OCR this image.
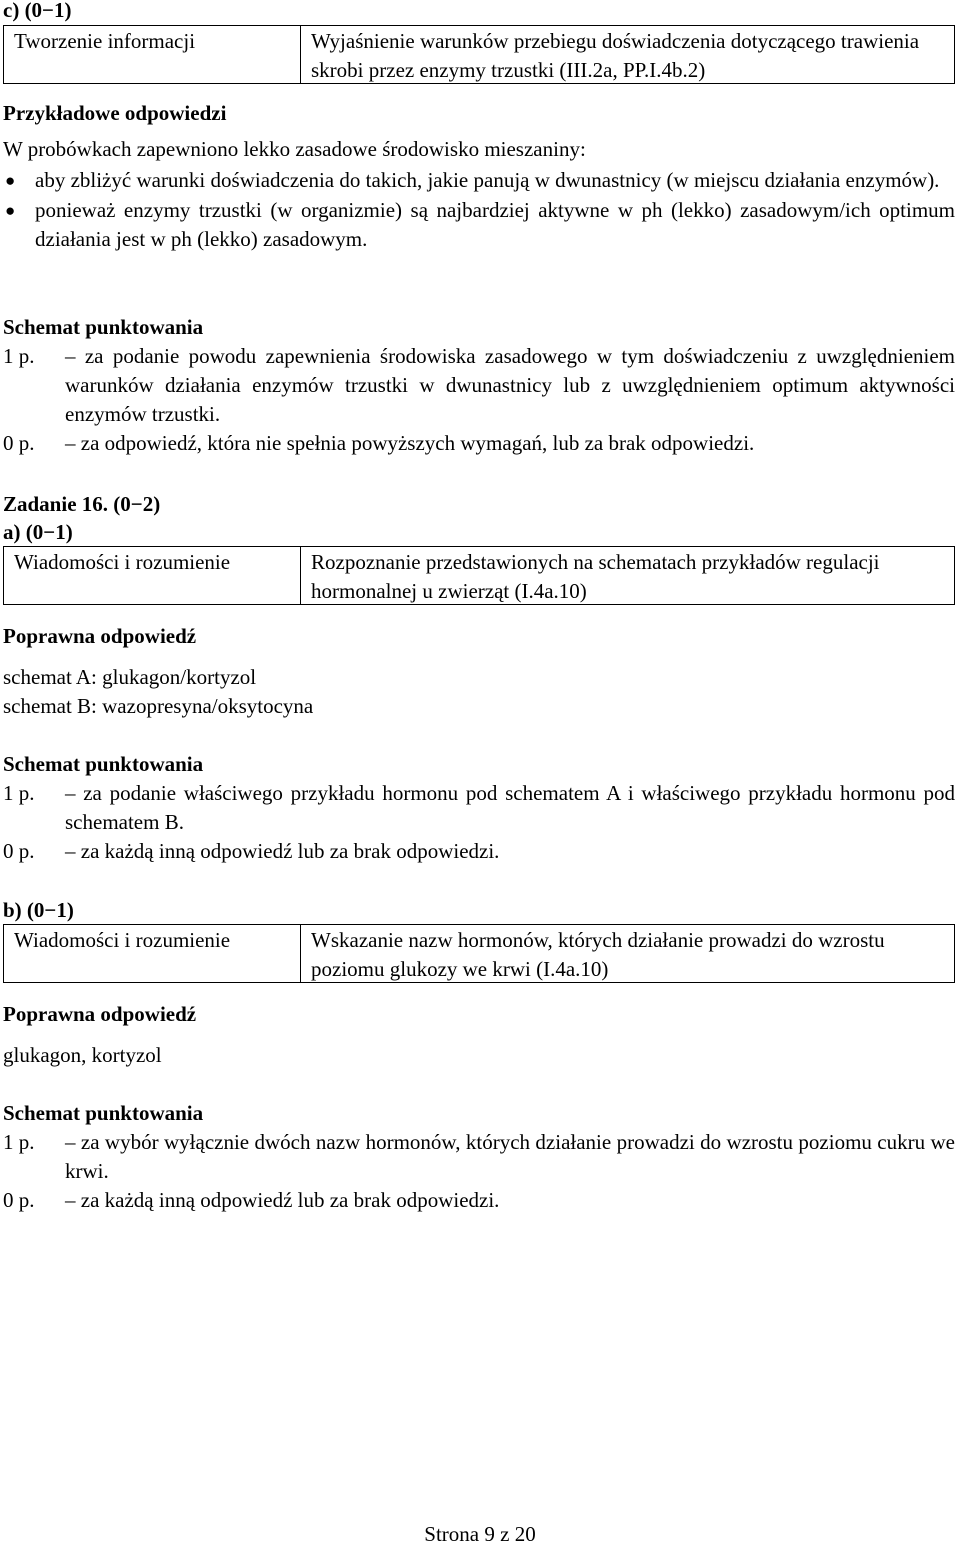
c) (0−1)
Tworzenie informacji	Wyjaśnienie warunków przebiegu doświadczenia dotyczącego trawienia skrobi przez enzymy trzustki (III.2a, PP.I.4b.2)
Przykładowe odpowiedzi
W probówkach zapewniono lekko zasadowe środowisko mieszaniny:
● aby zbliżyć warunki doświadczenia do takich, jakie panują w dwunastnicy (w miejscu działania enzymów).
● ponieważ enzymy trzustki (w organizmie) są najbardziej aktywne w ph (lekko) zasadowym/ich optimum działania jest w ph (lekko) zasadowym.
Schemat punktowania
1 p.	– za podanie powodu zapewnienia środowiska zasadowego w tym doświadczeniu z uwzględnieniem warunków działania enzymów trzustki w dwunastnicy lub z uwzględnieniem optimum aktywności enzymów trzustki.
0 p.	– za odpowiedź, która nie spełnia powyższych wymagań, lub za brak odpowiedzi.
Zadanie 16. (0−2)
a) (0−1)
Wiadomości i rozumienie	Rozpoznanie przedstawionych na schematach przykładów regulacji hormonalnej u zwierząt (I.4a.10)
Poprawna odpowiedź
schemat A: glukagon/kortyzol
schemat B: wazopresyna/oksytocyna
Schemat punktowania
1 p.	– za podanie właściwego przykładu hormonu pod schematem A i właściwego przykładu hormonu pod schematem B.
0 p.	– za każdą inną odpowiedź lub za brak odpowiedzi.
b) (0−1)
Wiadomości i rozumienie	Wskazanie nazw hormonów, których działanie prowadzi do wzrostu poziomu glukozy we krwi (I.4a.10)
Poprawna odpowiedź
glukagon, kortyzol
Schemat punktowania
1 p.	– za wybór wyłącznie dwóch nazw hormonów, których działanie prowadzi do wzrostu poziomu cukru we krwi.
0 p.	– za każdą inną odpowiedź lub za brak odpowiedzi.
Strona 9 z 20
